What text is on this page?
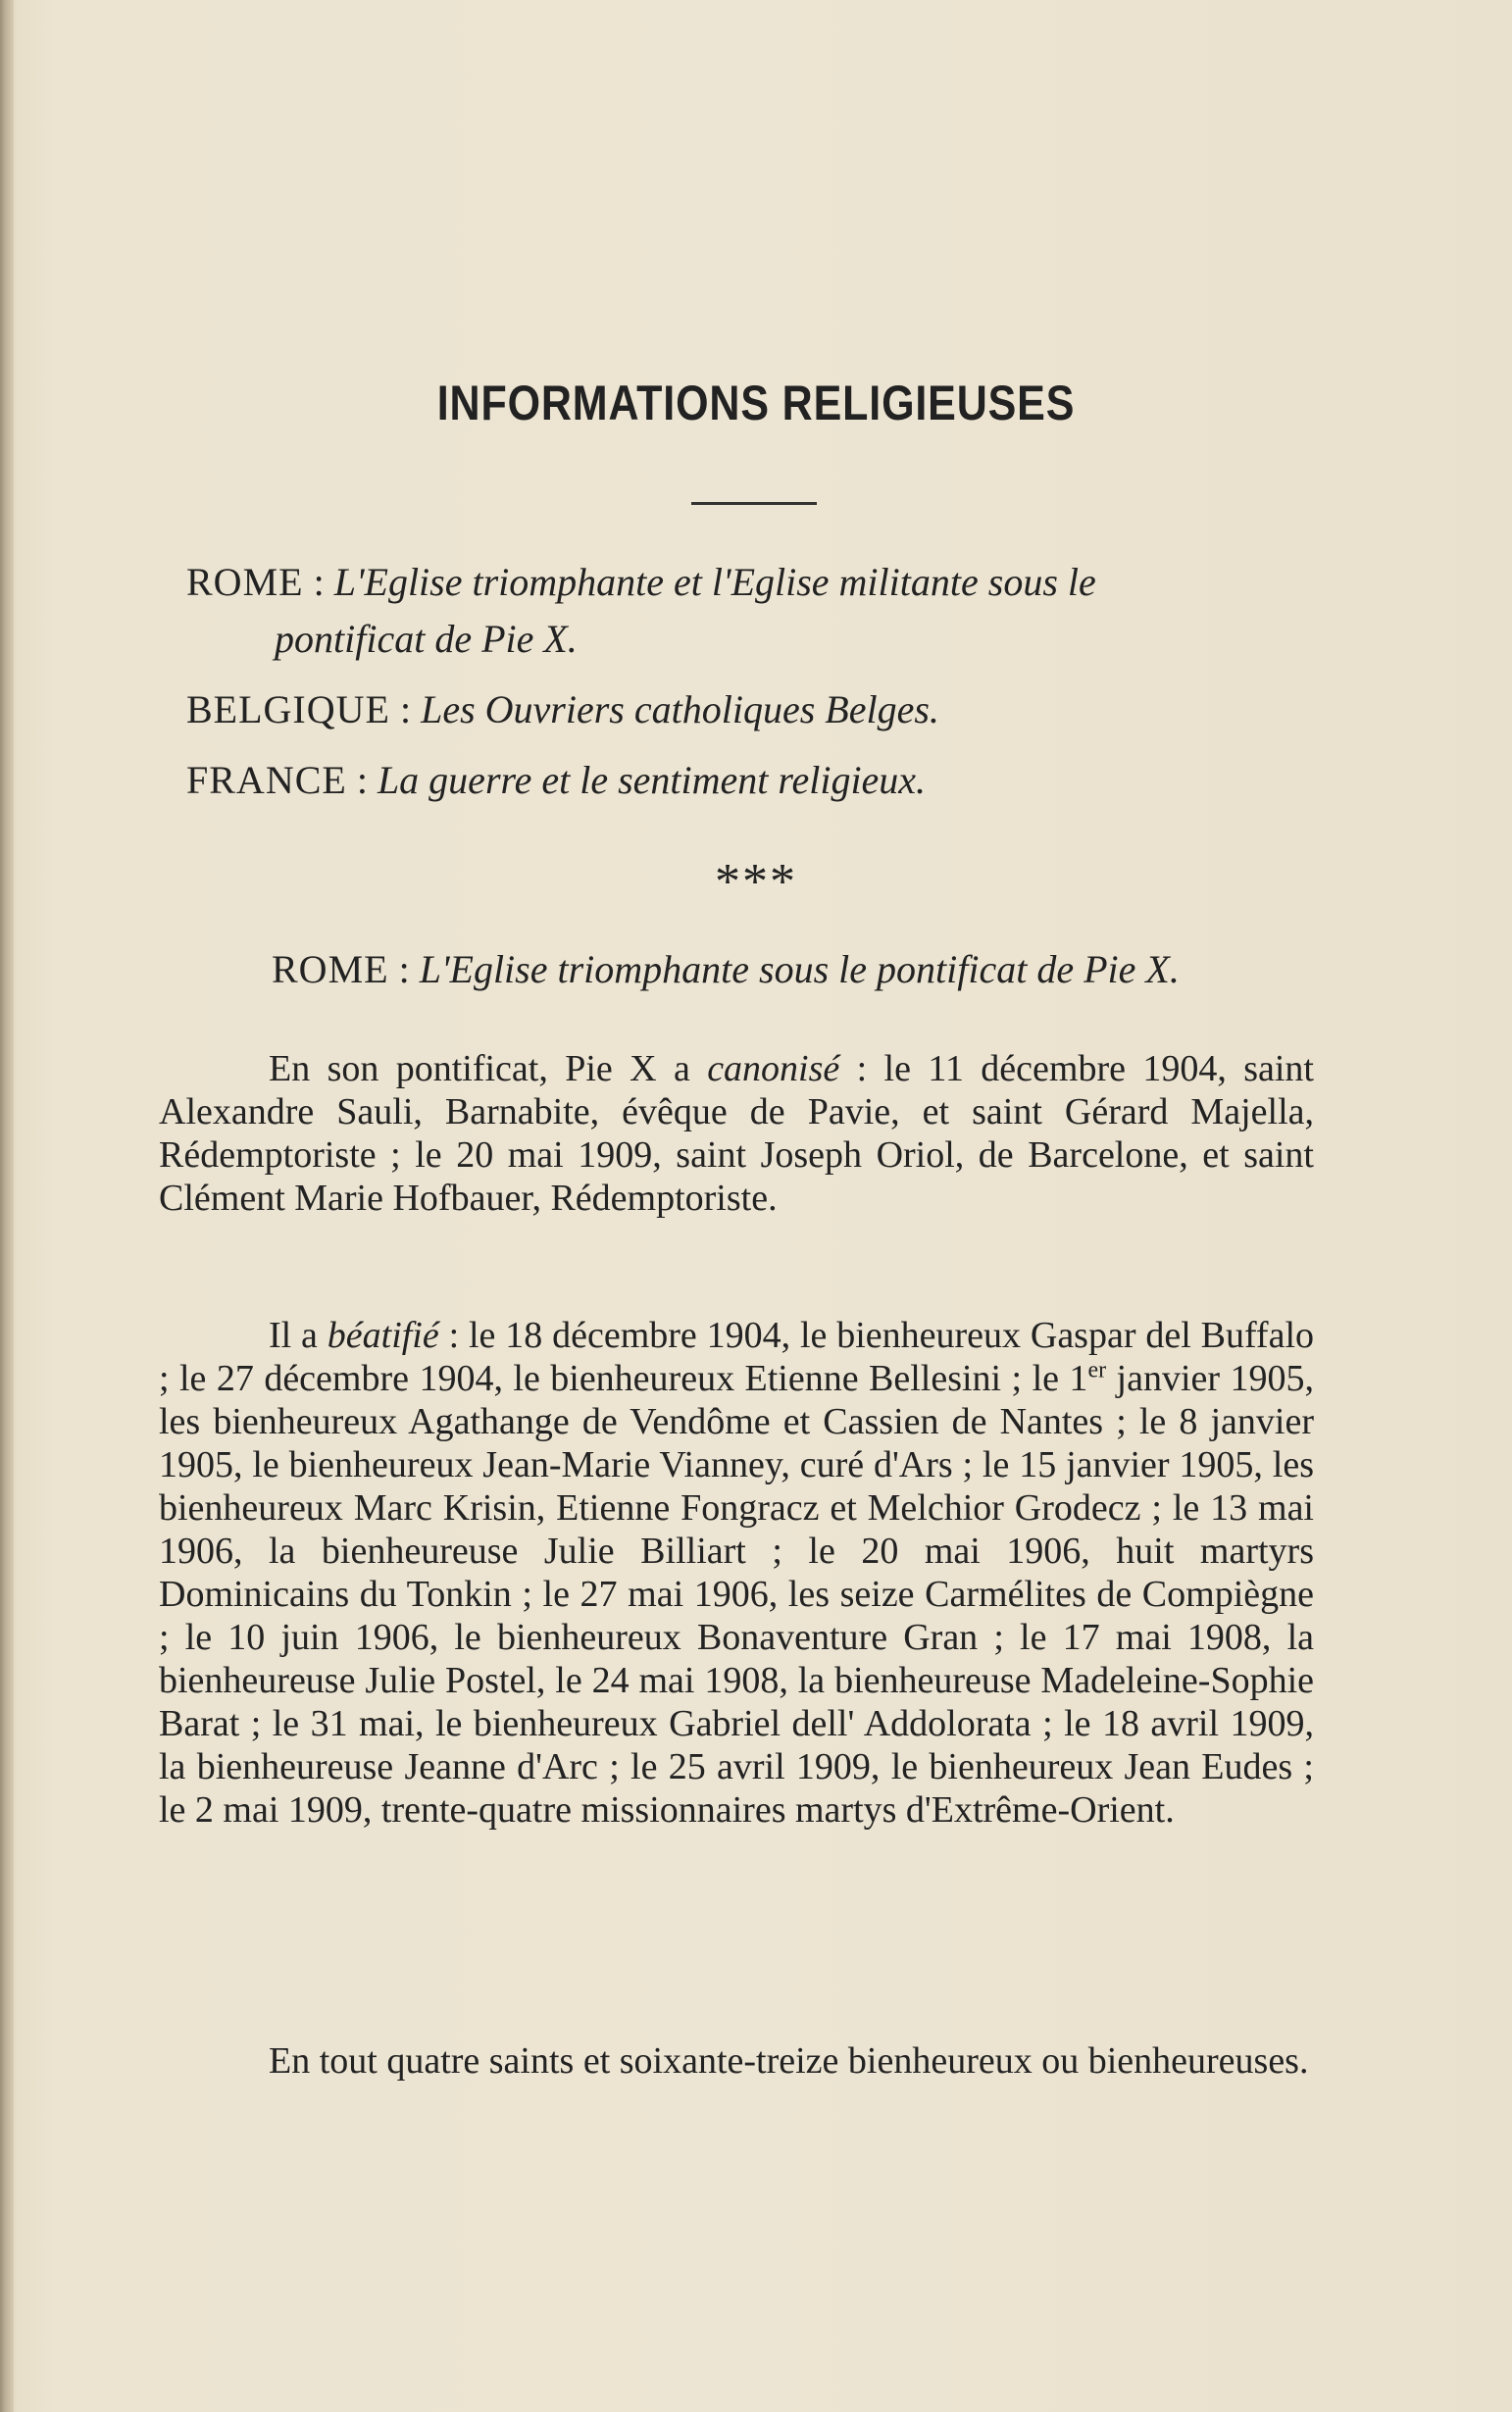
INFORMATIONS RELIGIEUSES
ROME : L'Eglise triomphante et l'Eglise militante sous le
pontificat de Pie X.
BELGIQUE : Les Ouvriers catholiques Belges.
FRANCE : La guerre et le sentiment religieux.
***
ROME : L'Eglise triomphante sous le pontificat de Pie X.

En son pontificat, Pie X a canonisé : le 11 décembre 1904, saint Alexandre Sauli, Barnabite, évêque de Pavie, et saint Gérard Majella, Rédemptoriste ; le 20 mai 1909, saint Joseph Oriol, de Barcelone, et saint Clément Marie Hofbauer, Rédemptoriste.

Il a béatifié : le 18 décembre 1904, le bienheureux Gaspar del Buffalo ; le 27 décembre 1904, le bienheureux Etienne Bellesini ; le 1er janvier 1905, les bienheureux Agathange de Vendôme et Cassien de Nantes ; le 8 janvier 1905, le bienheureux Jean-Marie Vianney, curé d'Ars ; le 15 janvier 1905, les bienheureux Marc Krisin, Etienne Fongracz et Melchior Grodecz ; le 13 mai 1906, la bienheureuse Julie Billiart ; le 20 mai 1906, huit martyrs Dominicains du Tonkin ; le 27 mai 1906, les seize Carmélites de Compiègne ; le 10 juin 1906, le bienheureux Bonaventure Gran ; le 17 mai 1908, la bienheureuse Julie Postel, le 24 mai 1908, la bienheureuse Madeleine-Sophie Barat ; le 31 mai, le bienheureux Gabriel dell' Addolorata ; le 18 avril 1909, la bienheureuse Jeanne d'Arc ; le 25 avril 1909, le bienheureux Jean Eudes ; le 2 mai 1909, trente-quatre missionnaires martys d'Extrême-Orient.

En tout quatre saints et soixante-treize bienheureux ou bienheureuses.
